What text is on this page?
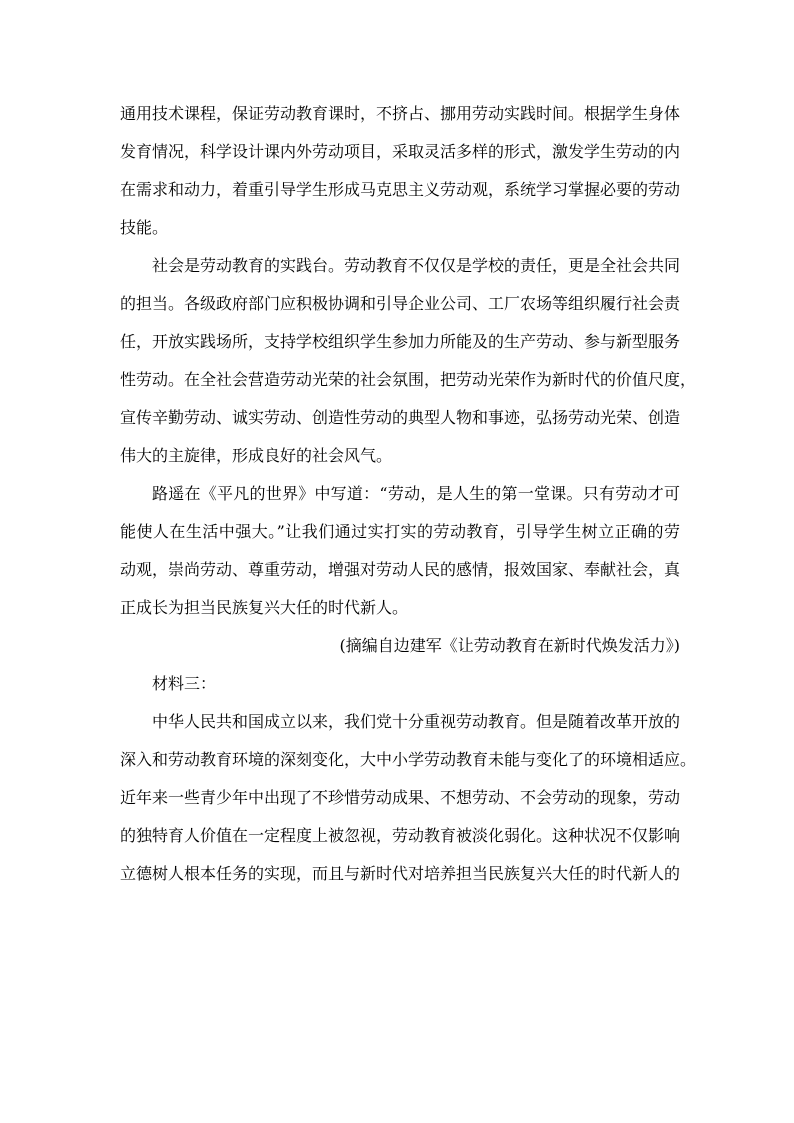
通用技术课程，保证劳动教育课时，不挤占、挪用劳动实践时间。根据学生身体
发育情况，科学设计课内外劳动项目，采取灵活多样的形式，激发学生劳动的内
在需求和动力，着重引导学生形成马克思主义劳动观，系统学习掌握必要的劳动
技能。
社会是劳动教育的实践台。劳动教育不仅仅是学校的责任，更是全社会共同
的担当。各级政府部门应积极协调和引导企业公司、工厂农场等组织履行社会责
任，开放实践场所，支持学校组织学生参加力所能及的生产劳动、参与新型服务
性劳动。在全社会营造劳动光荣的社会氛围，把劳动光荣作为新时代的价值尺度，
宣传辛勤劳动、诚实劳动、创造性劳动的典型人物和事迹，弘扬劳动光荣、创造
伟大的主旋律，形成良好的社会风气。
路遥在《平凡的世界》中写道：“劳动，是人生的第一堂课。只有劳动才可
能使人在生活中强大。”让我们通过实打实的劳动教育，引导学生树立正确的劳
动观，崇尚劳动、尊重劳动，增强对劳动人民的感情，报效国家、奉献社会，真
正成长为担当民族复兴大任的时代新人。
(摘编自边建军《让劳动教育在新时代焕发活力》)
材料三：
中华人民共和国成立以来，我们党十分重视劳动教育。但是随着改革开放的
深入和劳动教育环境的深刻变化，大中小学劳动教育未能与变化了的环境相适应。
近年来一些青少年中出现了不珍惜劳动成果、不想劳动、不会劳动的现象，劳动
的独特育人价值在一定程度上被忽视，劳动教育被淡化弱化。这种状况不仅影响
立德树人根本任务的实现，而且与新时代对培养担当民族复兴大任的时代新人的
